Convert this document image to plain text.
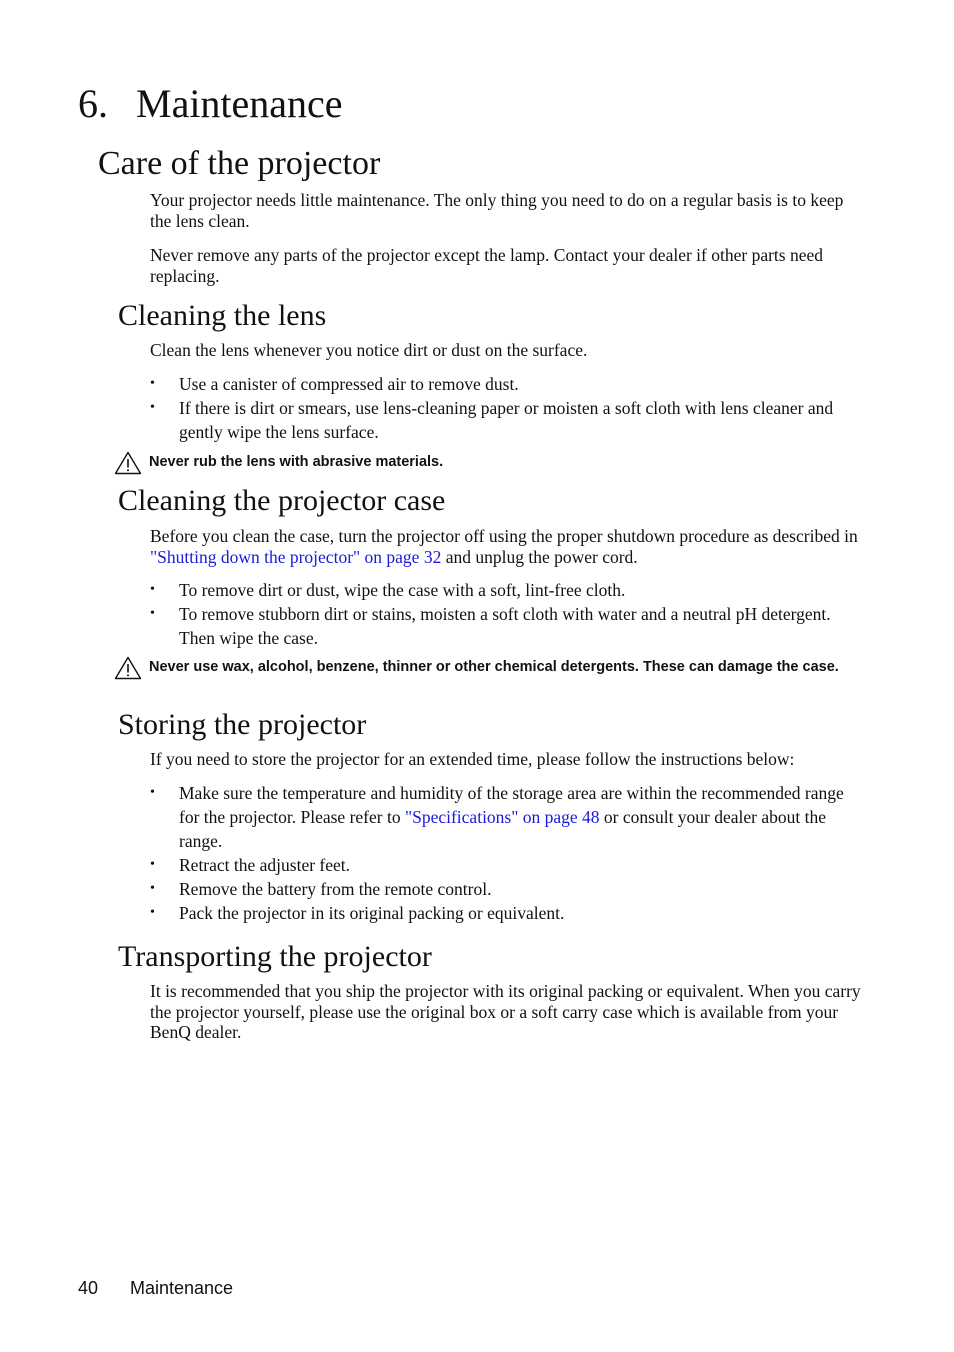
6. Maintenance
Care of the projector
Your projector needs little maintenance. The only thing you need to do on a regular basis is to keep the lens clean.
Never remove any parts of the projector except the lamp. Contact your dealer if other parts need replacing.
Cleaning the lens
Clean the lens whenever you notice dirt or dust on the surface.
• Use a canister of compressed air to remove dust.
• If there is dirt or smears, use lens-cleaning paper or moisten a soft cloth with lens cleaner and gently wipe the lens surface.
Never rub the lens with abrasive materials.
Cleaning the projector case
Before you clean the case, turn the projector off using the proper shutdown procedure as described in "Shutting down the projector" on page 32 and unplug the power cord.
• To remove dirt or dust, wipe the case with a soft, lint-free cloth.
• To remove stubborn dirt or stains, moisten a soft cloth with water and a neutral pH detergent. Then wipe the case.
Never use wax, alcohol, benzene, thinner or other chemical detergents. These can damage the case.
Storing the projector
If you need to store the projector for an extended time, please follow the instructions below:
• Make sure the temperature and humidity of the storage area are within the recommended range for the projector. Please refer to "Specifications" on page 48 or consult your dealer about the range.
• Retract the adjuster feet.
• Remove the battery from the remote control.
• Pack the projector in its original packing or equivalent.
Transporting the projector
It is recommended that you ship the projector with its original packing or equivalent. When you carry the projector yourself, please use the original box or a soft carry case which is available from your BenQ dealer.
40 Maintenance
